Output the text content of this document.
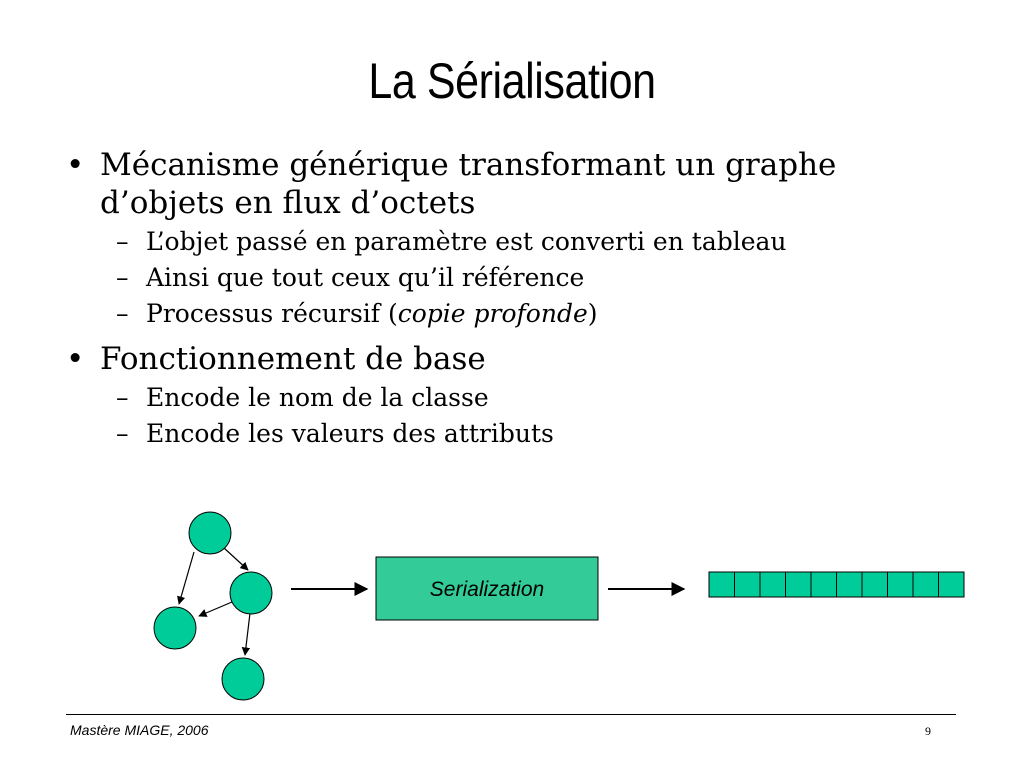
La Sérialisation
• Mécanisme générique transformant un graphe d’objets en flux d’octets
– L’objet passé en paramètre est converti en tableau
– Ainsi que tout ceux qu’il référence
– Processus récursif (copie profonde)
• Fonctionnement de base
– Encode le nom de la classe
– Encode les valeurs des attributs
Serialization
Mastère MIAGE, 2006	9
